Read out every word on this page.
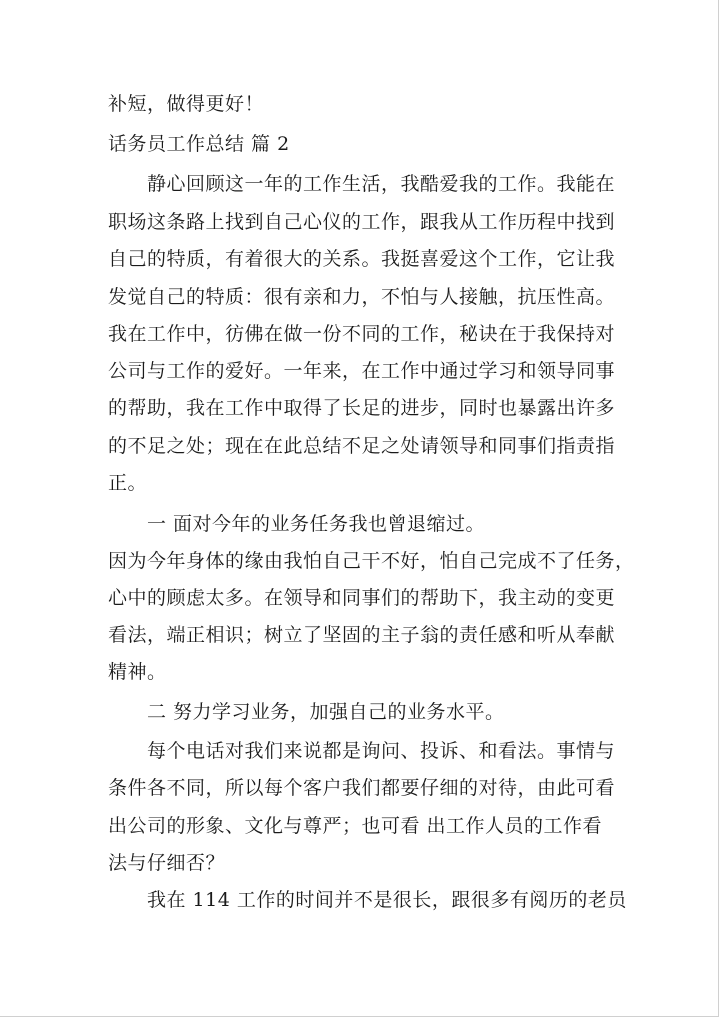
补短，做得更好！
话务员工作总结 篇 2
　　静心回顾这一年的工作生活，我酷爱我的工作。我能在
职场这条路上找到自己心仪的工作，跟我从工作历程中找到
自己的特质，有着很大的关系。我挺喜爱这个工作，它让我
发觉自己的特质：很有亲和力，不怕与人接触，抗压性高。
我在工作中，彷佛在做一份不同的工作，秘诀在于我保持对
公司与工作的爱好。一年来，在工作中通过学习和领导同事
的帮助，我在工作中取得了长足的进步，同时也暴露出许多
的不足之处；现在在此总结不足之处请领导和同事们指责指
正。
　　一 面对今年的业务任务我也曾退缩过。
因为今年身体的缘由我怕自己干不好，怕自己完成不了任务，
心中的顾虑太多。在领导和同事们的帮助下，我主动的变更
看法，端正相识；树立了坚固的主子翁的责任感和听从奉献
精神。
　　二 努力学习业务，加强自己的业务水平。
　　每个电话对我们来说都是询问、投诉、和看法。事情与
条件各不同，所以每个客户我们都要仔细的对待，由此可看
出公司的形象、文化与尊严；也可看 出工作人员的工作看
法与仔细否？
　　我在 114 工作的时间并不是很长，跟很多有阅历的老员
